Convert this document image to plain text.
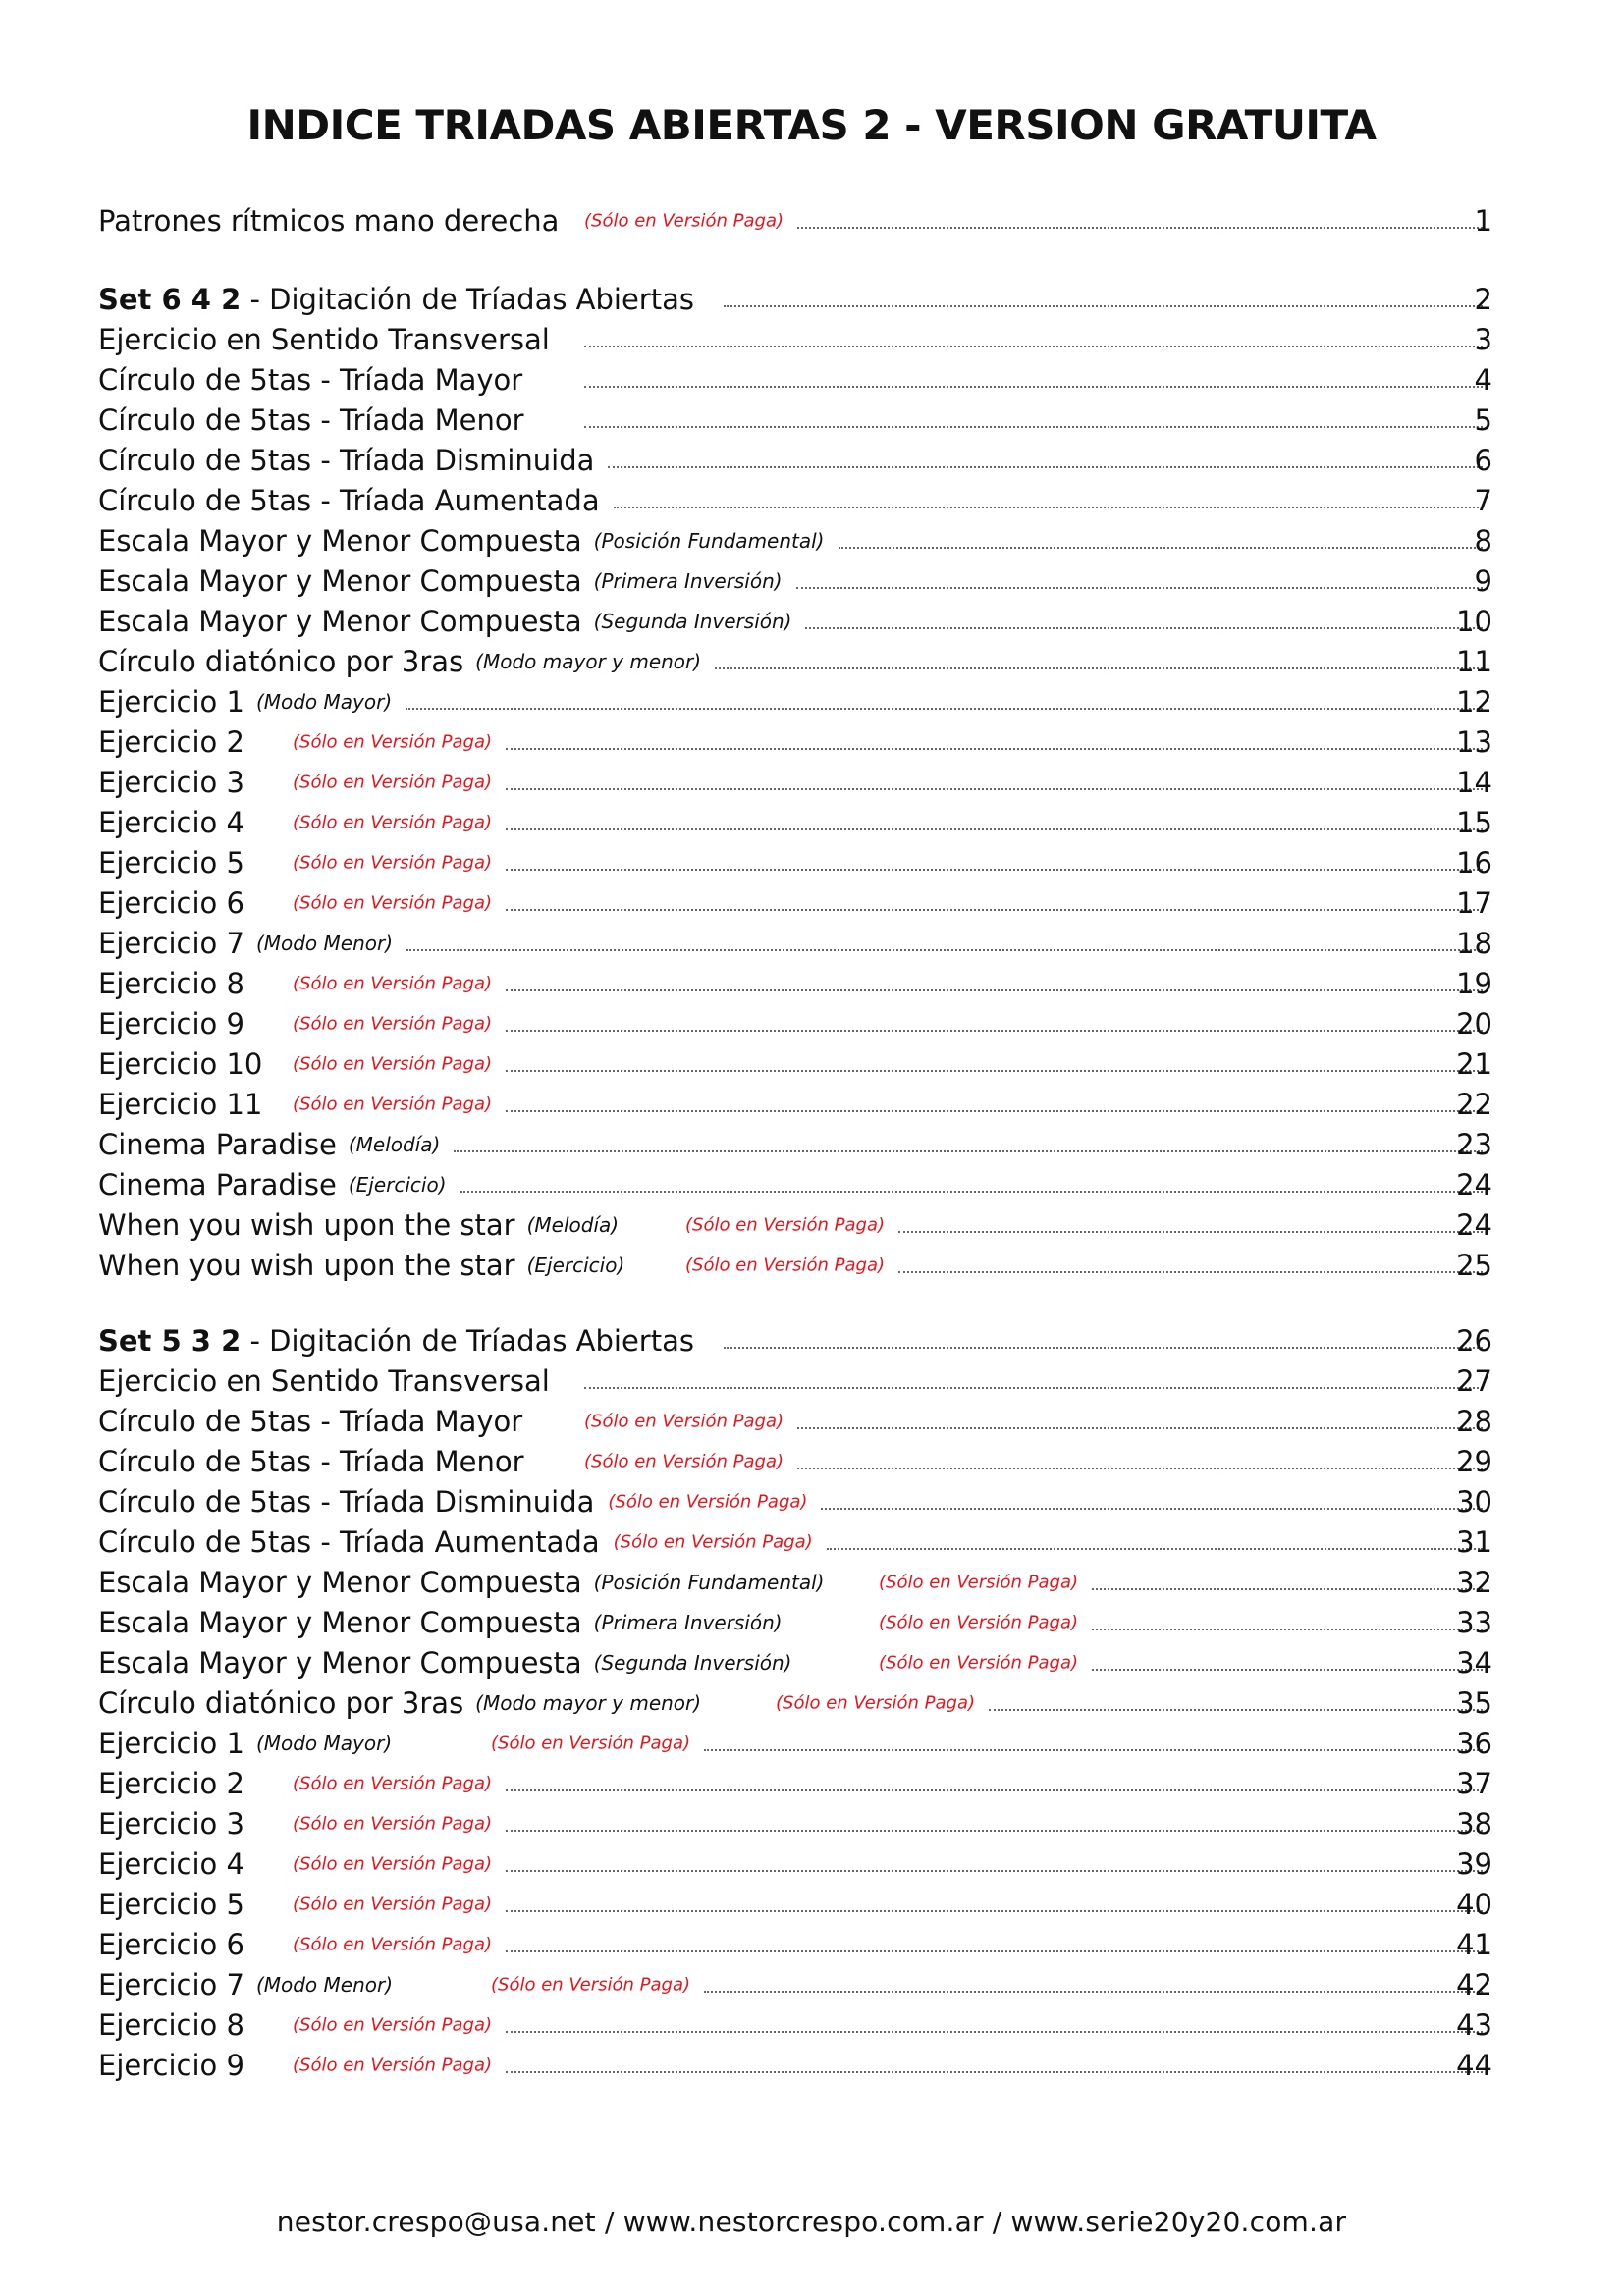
INDICE TRIADAS ABIERTAS 2 - VERSION GRATUITA
Patrones rítmicos mano derecha (Sólo en Versión Paga)	1
Set 6 4 2 - Digitación de Tríadas Abiertas	2
Ejercicio en Sentido Transversal	3
Círculo de 5tas - Tríada Mayor	4
Círculo de 5tas - Tríada Menor	5
Círculo de 5tas - Tríada Disminuida	6
Círculo de 5tas - Tríada Aumentada	7
Escala Mayor y Menor Compuesta (Posición Fundamental)	8
Escala Mayor y Menor Compuesta (Primera Inversión)	9
Escala Mayor y Menor Compuesta (Segunda Inversión)	10
Círculo diatónico por 3ras (Modo mayor y menor)	11
Ejercicio 1 (Modo Mayor)	12
Ejercicio 2	(Sólo en Versión Paga)	13
Ejercicio 3	(Sólo en Versión Paga)	14
Ejercicio 4	(Sólo en Versión Paga)	15
Ejercicio 5	(Sólo en Versión Paga)	16
Ejercicio 6	(Sólo en Versión Paga)	17
Ejercicio 7 (Modo Menor)	18
Ejercicio 8	(Sólo en Versión Paga)	19
Ejercicio 9	(Sólo en Versión Paga)	20
Ejercicio 10 (Sólo en Versión Paga)	21
Ejercicio 11 (Sólo en Versión Paga)	22
Cinema Paradise (Melodía)	23
Cinema Paradise (Ejercicio)	24
When you wish upon the star (Melodía)	(Sólo en Versión Paga)	24
When you wish upon the star (Ejercicio)	(Sólo en Versión Paga)	25
Set 5 3 2 - Digitación de Tríadas Abiertas	26
Ejercicio en Sentido Transversal	27
Círculo de 5tas - Tríada Mayor	(Sólo en Versión Paga)	28
Círculo de 5tas - Tríada Menor	(Sólo en Versión Paga)	29
Círculo de 5tas - Tríada Disminuida (Sólo en Versión Paga)	30
Círculo de 5tas - Tríada Aumentada (Sólo en Versión Paga)	31
Escala Mayor y Menor Compuesta (Posición Fundamental)	(Sólo en Versión Paga)	32
Escala Mayor y Menor Compuesta (Primera Inversión)	(Sólo en Versión Paga)	33
Escala Mayor y Menor Compuesta (Segunda Inversión)	(Sólo en Versión Paga)	34
Círculo diatónico por 3ras (Modo mayor y menor)	(Sólo en Versión Paga)	35
Ejercicio 1 (Modo Mayor)	(Sólo en Versión Paga)	36
Ejercicio 2	(Sólo en Versión Paga)	37
Ejercicio 3	(Sólo en Versión Paga)	38
Ejercicio 4	(Sólo en Versión Paga)	39
Ejercicio 5	(Sólo en Versión Paga)	40
Ejercicio 6	(Sólo en Versión Paga)	41
Ejercicio 7 (Modo Menor)	(Sólo en Versión Paga)	42
Ejercicio 8	(Sólo en Versión Paga)	43
Ejercicio 9	(Sólo en Versión Paga)	44
nestor.crespo@usa.net / www.nestorcrespo.com.ar / www.serie20y20.com.ar
